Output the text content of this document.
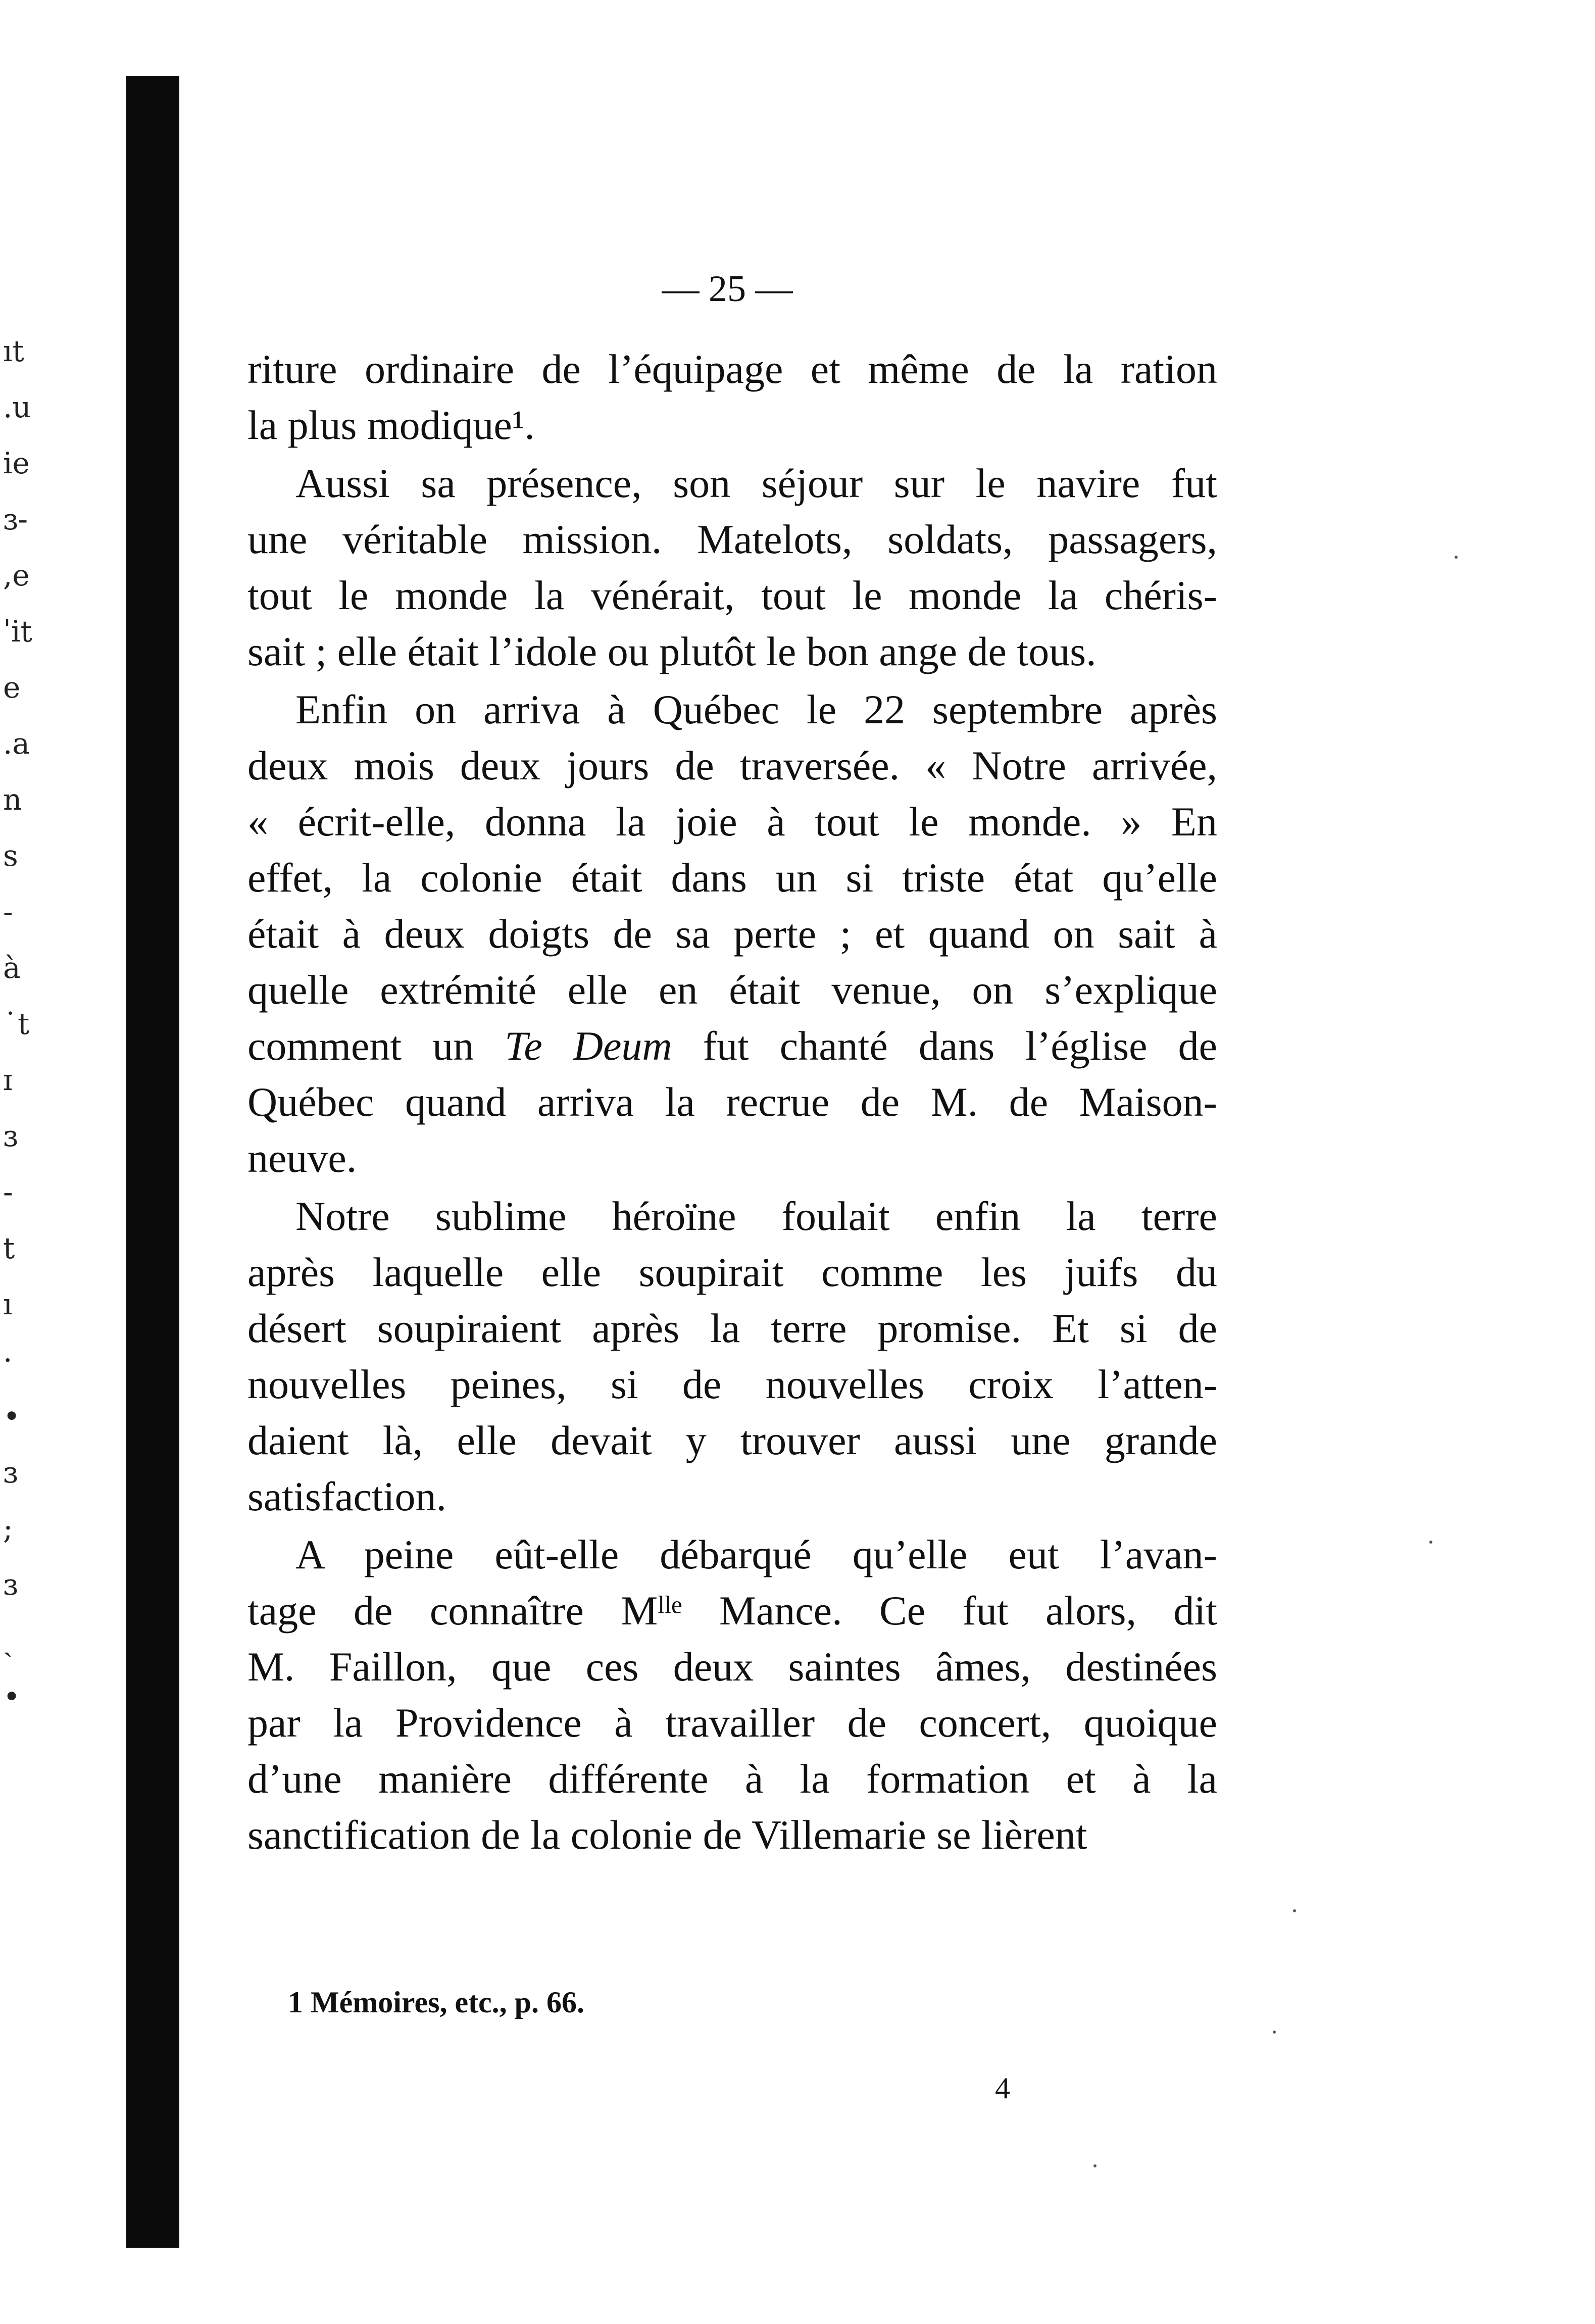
ıt
.u
ie
ɜ-
,e
ˈit
e
.a
n
s
-
à
˙t
ɪ
ɜ
-
t
ı
·
•
ɜ
;
ɜ
ˏ
•
— 25 —
riture ordinaire de l’équipage et même de la ration
la plus modique¹.
Aussi sa présence, son séjour sur le navire fut
une véritable mission. Matelots, soldats, passagers,
tout le monde la vénérait, tout le monde la chéris-
sait ; elle était l’idole ou plutôt le bon ange de tous.
Enfin on arriva à Québec le 22 septembre après
deux mois deux jours de traversée. « Notre arrivée,
« écrit-elle, donna la joie à tout le monde. » En
effet, la colonie était dans un si triste état qu’elle
était à deux doigts de sa perte ; et quand on sait à
quelle extrémité elle en était venue, on s’explique
comment un Te Deum fut chanté dans l’église de
Québec quand arriva la recrue de M. de Maison-
neuve.
Notre sublime héroïne foulait enfin la terre
après laquelle elle soupirait comme les juifs du
désert soupiraient après la terre promise. Et si de
nouvelles peines, si de nouvelles croix l’atten-
daient là, elle devait y trouver aussi une grande
satisfaction.
A peine eût-elle débarqué qu’elle eut l’avan-
tage de connaître Mˡˡᵉ Mance. Ce fut alors, dit
M. Faillon, que ces deux saintes âmes, destinées
par la Providence à travailler de concert, quoique
d’une manière différente à la formation et à la
sanctification de la colonie de Villemarie se lièrent
1 Mémoires, etc., p. 66.
4
